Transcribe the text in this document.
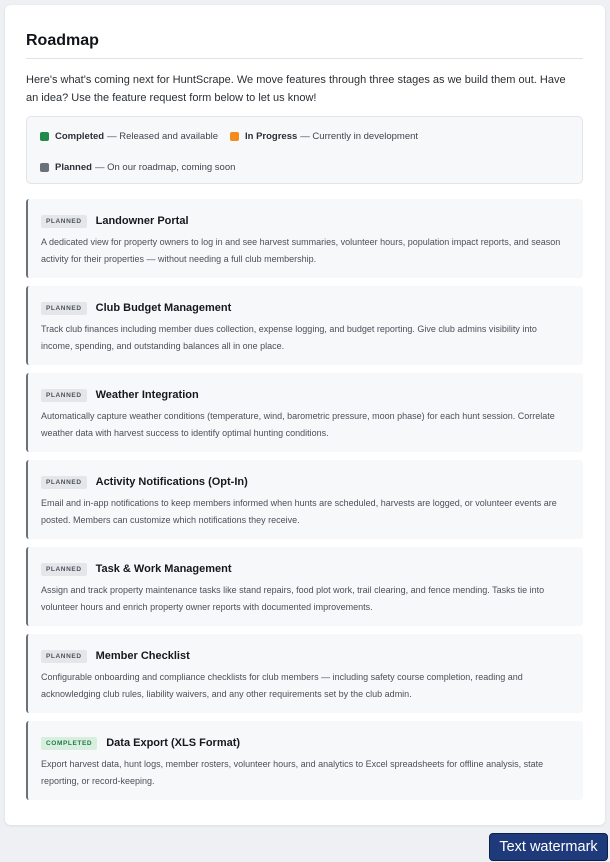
Roadmap

Here's what's coming next for HuntScrape. We move features through three stages as we build them out. Have an idea? Use the feature request form below to let us know!

Completed — Released and available	In Progress — Currently in development
Planned — On our roadmap, coming soon
PLANNED	Landowner Portal

A dedicated view for property owners to log in and see harvest summaries, volunteer hours, population impact reports, and season activity for their properties — without needing a full club membership.

PLANNED	Club Budget Management

Track club finances including member dues collection, expense logging, and budget reporting. Give club admins visibility into income, spending, and outstanding balances all in one place.

PLANNED	Weather Integration

Automatically capture weather conditions (temperature, wind, barometric pressure, moon phase) for each hunt session. Correlate weather data with harvest success to identify optimal hunting conditions.

PLANNED	Activity Notifications (Opt-In)

Email and in-app notifications to keep members informed when hunts are scheduled, harvests are logged, or volunteer events are posted. Members can customize which notifications they receive.

PLANNED	Task & Work Management

Assign and track property maintenance tasks like stand repairs, food plot work, trail clearing, and fence mending. Tasks tie into volunteer hours and enrich property owner reports with documented improvements.

PLANNED	Member Checklist

Configurable onboarding and compliance checklists for club members — including safety course completion, reading and acknowledging club rules, liability waivers, and any other requirements set by the club admin.

COMPLETED	Data Export (XLS Format)

Export harvest data, hunt logs, member rosters, volunteer hours, and analytics to Excel spreadsheets for offline analysis, state reporting, or record-keeping.

Text watermark
